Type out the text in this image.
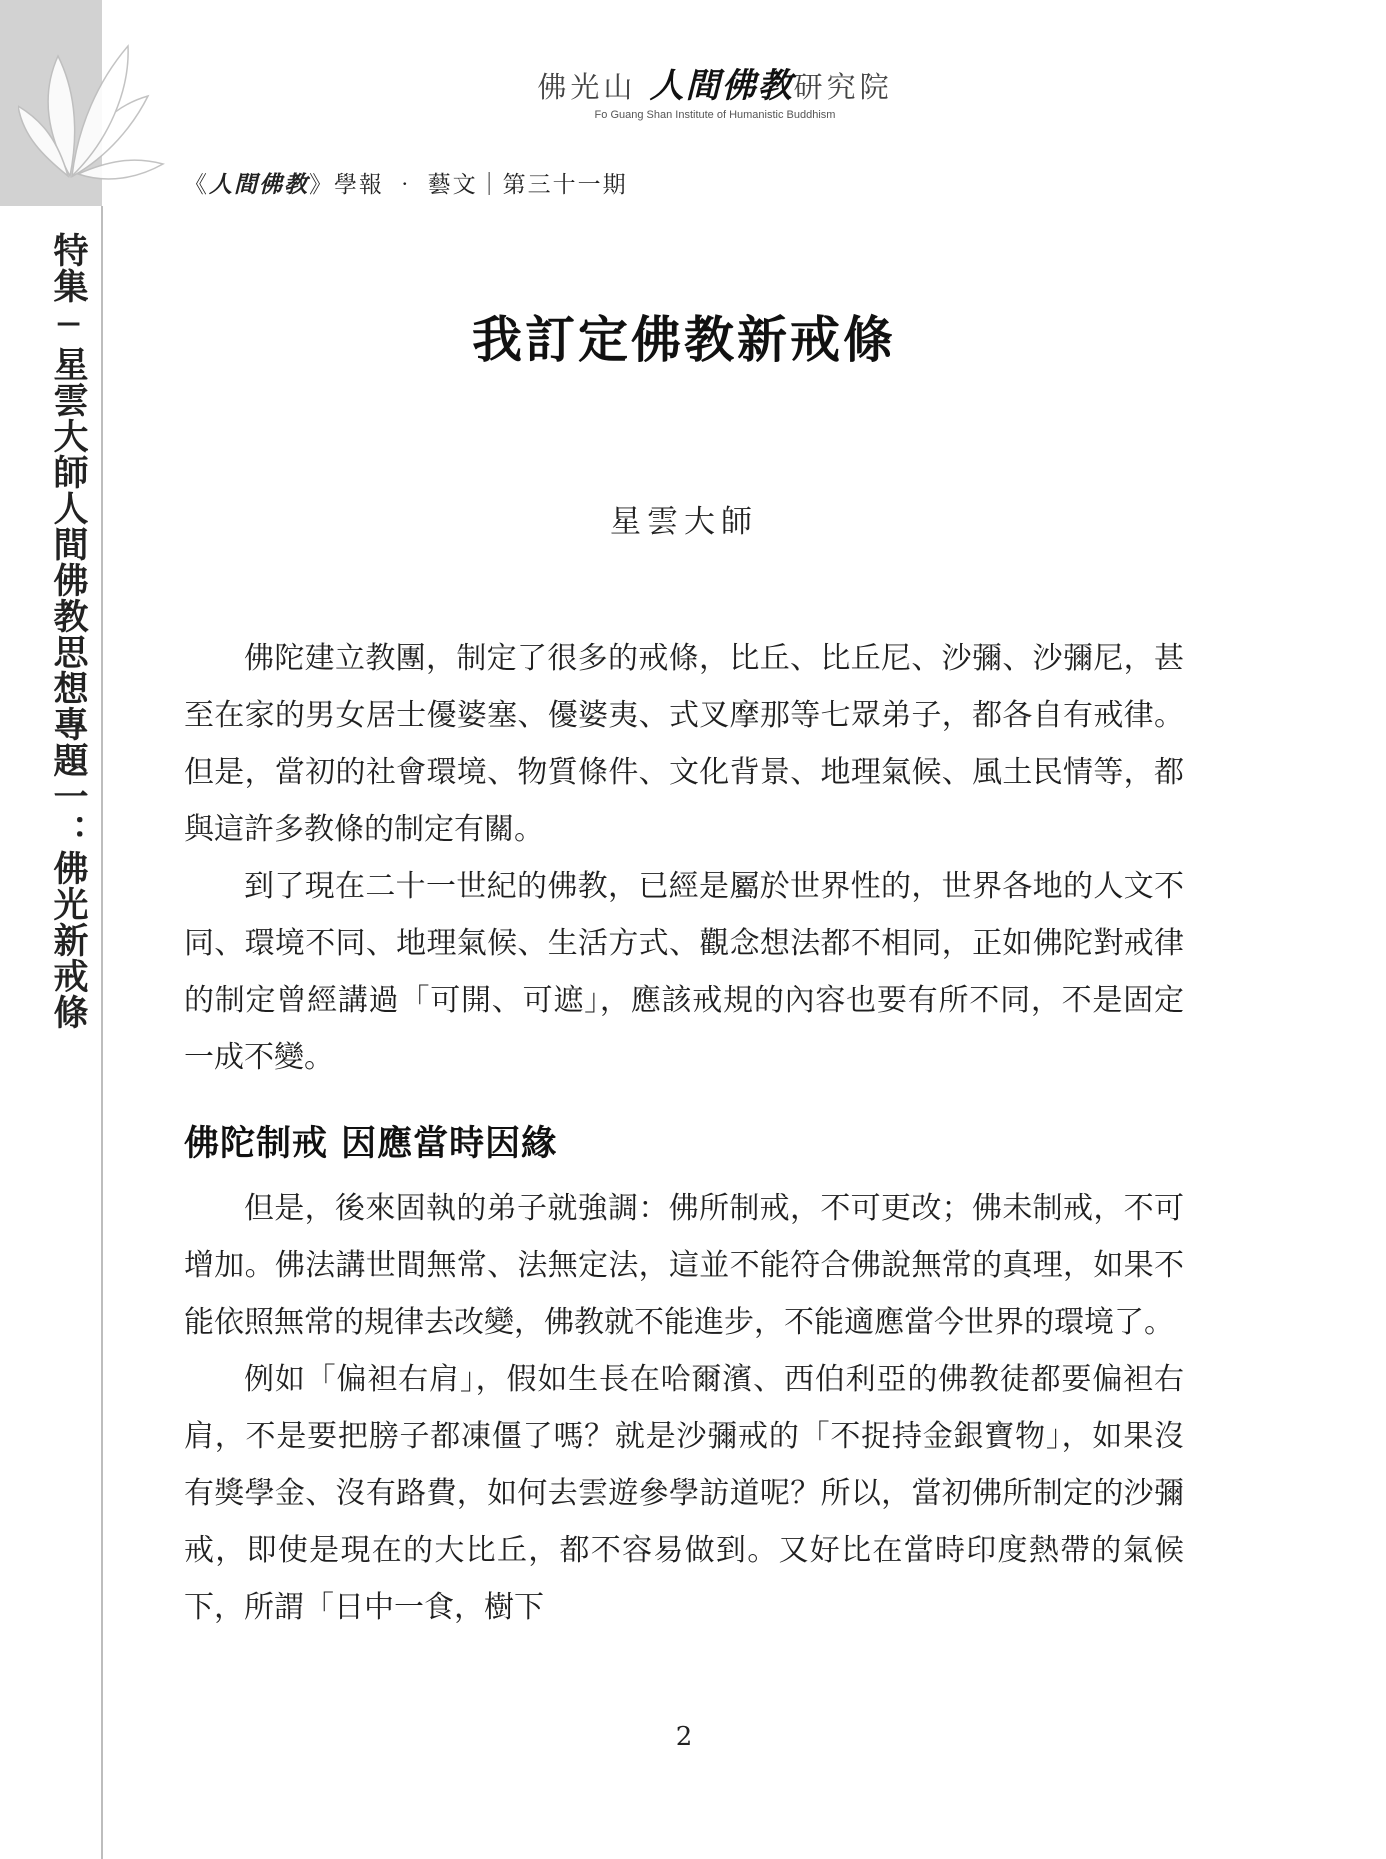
特集─星雲大師人間佛教思想專題一：佛光新戒條
佛光山 人間佛教研究院
Fo Guang Shan Institute of Humanistic Buddhism
《人間佛教》學報 ‧ 藝文｜第三十一期
我訂定佛教新戒條
星雲大師

佛陀建立教團，制定了很多的戒條，比丘、比丘尼、沙彌、沙彌尼，甚至在家的男女居士優婆塞、優婆夷、式叉摩那等七眾弟子，都各自有戒律。但是，當初的社會環境、物質條件、文化背景、地理氣候、風土民情等，都與這許多教條的制定有關。

到了現在二十一世紀的佛教，已經是屬於世界性的，世界各地的人文不同、環境不同、地理氣候、生活方式、觀念想法都不相同，正如佛陀對戒律的制定曾經講過「可開、可遮」，應該戒規的內容也要有所不同，不是固定一成不變。

佛陀制戒 因應當時因緣

但是，後來固執的弟子就強調：佛所制戒，不可更改；佛未制戒，不可增加。佛法講世間無常、法無定法，這並不能符合佛說無常的真理，如果不能依照無常的規律去改變，佛教就不能進步，不能適應當今世界的環境了。

例如「偏袒右肩」，假如生長在哈爾濱、西伯利亞的佛教徒都要偏袒右肩，不是要把膀子都凍僵了嗎？就是沙彌戒的「不捉持金銀寶物」，如果沒有獎學金、沒有路費，如何去雲遊參學訪道呢？所以，當初佛所制定的沙彌戒，即使是現在的大比丘，都不容易做到。又好比在當時印度熱帶的氣候下，所謂「日中一食，樹下

2
